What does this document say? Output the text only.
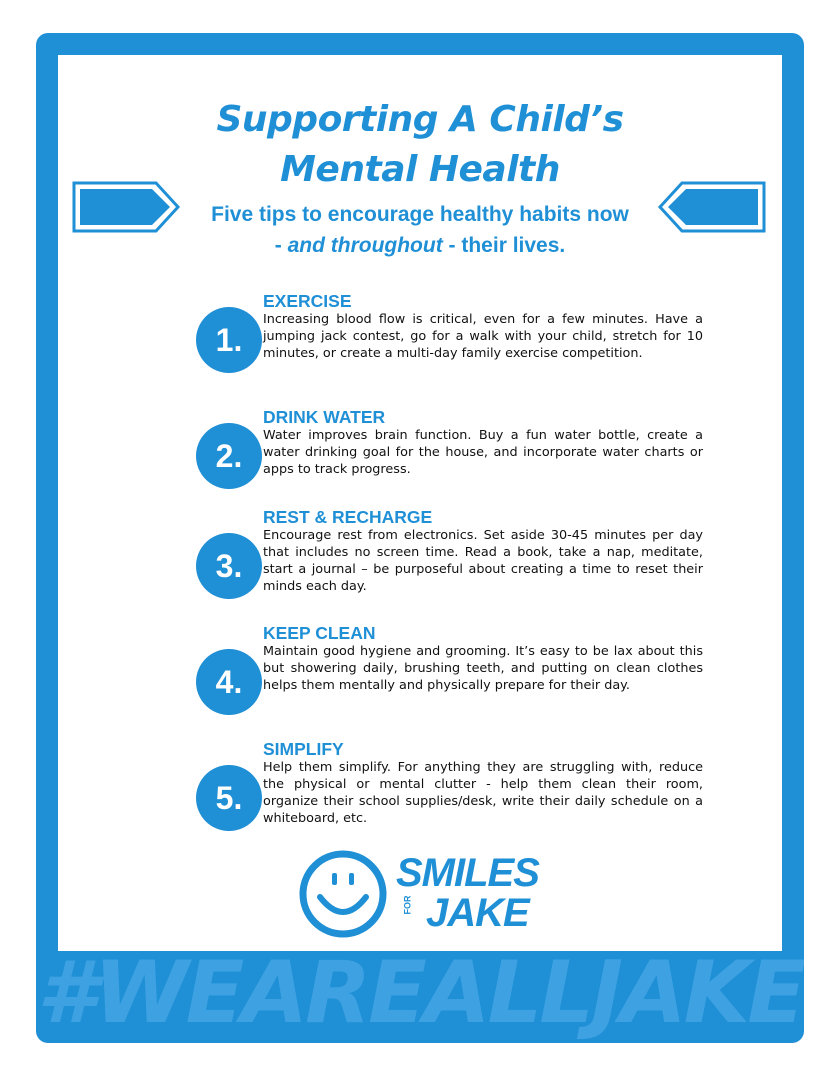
Supporting A Child’s
Mental Health
Five tips to encourage healthy habits now - and throughout - their lives.
1.
EXERCISE
Increasing blood flow is critical, even for a few minutes. Have a jumping jack contest, go for a walk with your child, stretch for 10 minutes, or create a multi-day family exercise competition.
2.
DRINK WATER
Water improves brain function. Buy a fun water bottle, create a water drinking goal for the house, and incorporate water charts or apps to track progress.
3.
REST & RECHARGE
Encourage rest from electronics. Set aside 30-45 minutes per day that includes no screen time. Read a book, take a nap, meditate, start a journal – be purposeful about creating a time to reset their minds each day.
4.
KEEP CLEAN
Maintain good hygiene and grooming. It’s easy to be lax about this but showering daily, brushing teeth, and putting on clean clothes helps them mentally and physically prepare for their day.
5.
SIMPLIFY
Help them simplify. For anything they are struggling with, reduce the physical or mental clutter - help them clean their room, organize their school supplies/desk, write their daily schedule on a whiteboard, etc.
SMILES
JAKE
FOR
#WEAREALLJAKE
